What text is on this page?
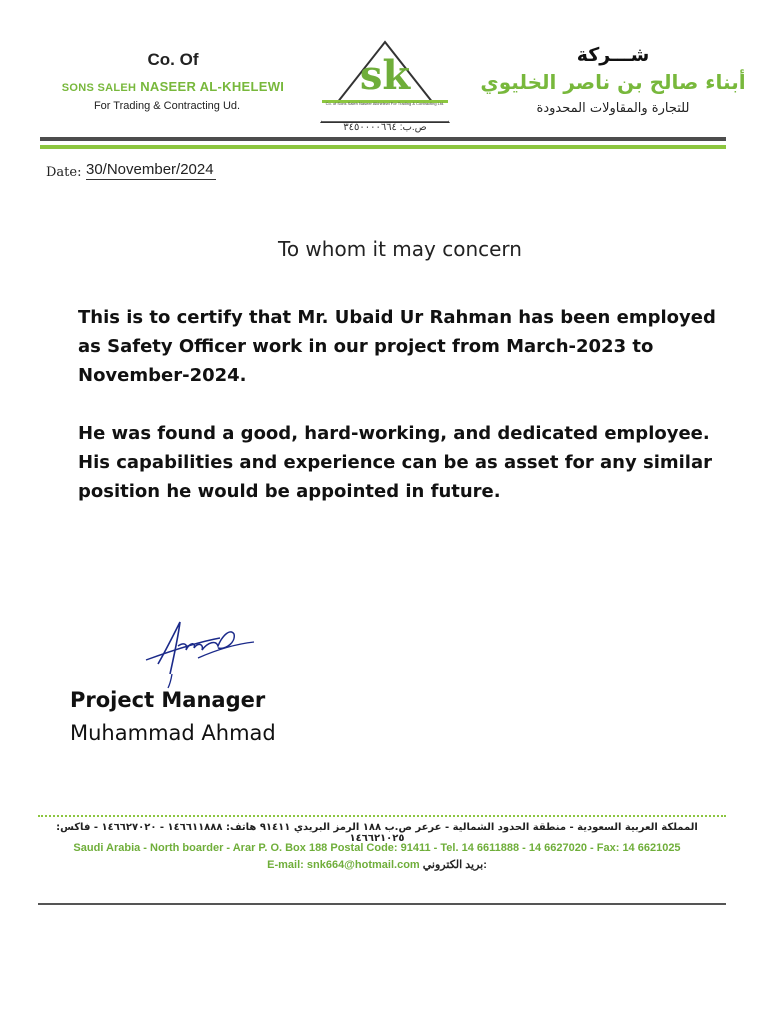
Co. Of
SONS SALEH NASEER AL-KHELEWI
For Trading & Contracting Ud.
sk
Co. of Sons Saleh Naseer Alkhelewi For Trading & Contracting Ltd.
ص.ب: ٣٤٥٠٠٠٠٦٦٤
شـــركة
أبناء صالح بن ناصر الخليوي
للتجارة والمقاولات المحدودة
Date: 30/November/2024
To whom it may concern
This is to certify that Mr. Ubaid Ur Rahman has been employed as Safety Officer work in our project from March-2023 to November-2024.
He was found a good, hard-working, and dedicated employee. His capabilities and experience can be as asset for any similar position he would be appointed in future.
Project Manager
Muhammad Ahmad
المملكة العربية السعودية - منطقة الحدود الشمالية - عرعر ص.ب ١٨٨ الرمز البريدي ٩١٤١١ هاتف: ١٤٦٦١١٨٨٨ - ١٤٦٦٢٧٠٢٠ - فاكس: ١٤٦٦٢١٠٢٥
Saudi Arabia - North boarder - Arar P. O. Box 188 Postal Code: 91411 - Tel. 14 6611888 - 14 6627020 - Fax: 14 6621025
E-mail: snk664@hotmail.com بريد الكتروني:
